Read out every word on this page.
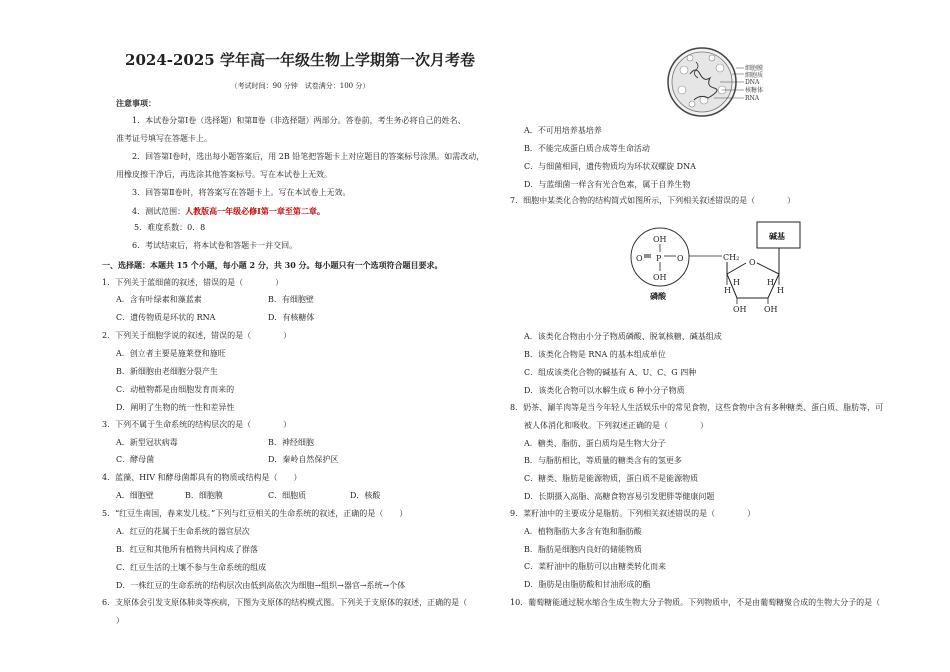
2024-2025 学年高一年级生物上学期第一次月考卷
（考试时间：90 分钟　试卷满分：100 分）
注意事项：
1．本试卷分第Ⅰ卷（选择题）和第Ⅱ卷（非选择题）两部分。答卷前，考生务必将自己的姓名、
准考证号填写在答题卡上。
2．回答第Ⅰ卷时，选出每小题答案后，用 2B 铅笔把答题卡上对应题目的答案标号涂黑。如需改动，
用橡皮擦干净后，再选涂其他答案标号。写在本试卷上无效。
3．回答第Ⅱ卷时，将答案写在答题卡上。写在本试卷上无效。
4．测试范围：人教版高一年级必修Ⅰ第一章至第二章。
5．难度系数：0．8
6．考试结束后，将本试卷和答题卡一并交回。
一、选择题：本题共 15 个小题，每小题 2 分，共 30 分。每小题只有一个选项符合题目要求。
1．下列关于蓝细菌的叙述，错误的是（　　　　）
A．含有叶绿素和藻蓝素	B．有细胞壁
C．遗传物质是环状的 RNA	D．有核糖体
2．下列关于细胞学说的叙述，错误的是（　　　　）
A．创立者主要是施莱登和施旺
B．新细胞由老细胞分裂产生
C．动植物都是由细胞发育而来的
D．阐明了生物的统一性和差异性
3．下列不属于生命系统的结构层次的是（　　　　）
A．新型冠状病毒	B．神经细胞
C．酵母菌	D．秦岭自然保护区
4．蓝藻、HIV 和酵母菌都具有的物质或结构是（　　）
A．细胞壁	B．细胞膜	C．细胞质	D．核酸
5．“红豆生南国，春来发几枝。”下列与红豆相关的生命系统的叙述，正确的是（　　）
A．红豆的花属于生命系统的器官层次
B．红豆和其他所有植物共同构成了群落
C．红豆生活的土壤不参与生命系统的组成
D．一株红豆的生命系统的结构层次由低到高依次为细胞→组织→器官→系统→个体
6．支原体会引发支原体肺炎等疾病，下图为支原体的结构模式图。下列关于支原体的叙述，正确的是（
）
细胞膜
细胞质
DNA
核糖体
RNA
A．不可用培养基培养
B．不能完成蛋白质合成等生命活动
C．与细菌相同，遗传物质均为环状双螺旋 DNA
D．与蓝细菌一样含有光合色素，属于自养生物
7．细胞中某类化合物的结构简式如图所示，下列相关叙述错误的是（　　　　）
OH
O P O
OH
磷酸
CH₂
O
H
H	H
H
OH OH
碱基
A．该类化合物由小分子物质磷酸、脱氧核糖、碱基组成
B．该类化合物是 RNA 的基本组成单位
C．组成该类化合物的碱基有 A、U、C、G 四种
D．该类化合物可以水解生成 6 种小分子物质
8．奶茶、涮羊肉等是当今年轻人生活娱乐中的常见食物，这些食物中含有多种糖类、蛋白质、脂肪等，可
被人体消化和吸收。下列叙述正确的是（　　　　）
A．糖类、脂肪、蛋白质均是生物大分子
B．与脂肪相比，等质量的糖类含有的氢更多
C．糖类、脂肪是能源物质，蛋白质不是能源物质
D．长期摄入高脂、高糖食物容易引发肥胖等健康问题
9．菜籽油中的主要成分是脂肪。下列相关叙述错误的是（　　　　）
A．植物脂肪大多含有饱和脂肪酸
B．脂肪是细胞内良好的储能物质
C．菜籽油中的脂肪可以由糖类转化而来
D．脂肪是由脂肪酸和甘油形成的酯
10．葡萄糖能通过脱水缩合生成生物大分子物质。下列物质中，不是由葡萄糖聚合成的生物大分子的是（
